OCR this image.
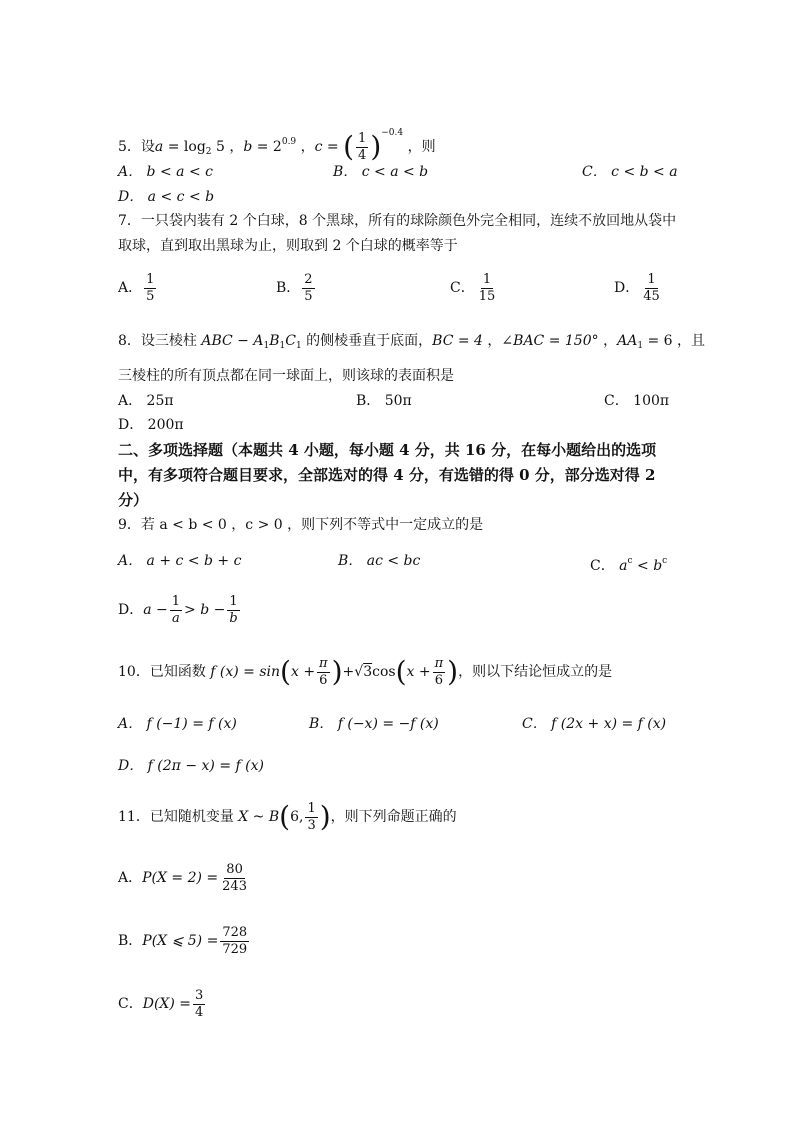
5．设$a = \log_2 5$ ，$b = 2^{0.9}$ ，c = ( $\frac{1}{4} )^{-0.4}$ ，则
A． b < a < c	B． c < a < b	C． c < b < a
D． a < c < b
7．一只袋内装有 2 个白球，8 个黑球，所有的球除颜色外完全相同，连续不放回地从袋中
取球，直到取出黑球为止，则取到 2 个白球的概率等于
A． $\frac{1}{5}$	B． $\frac{2}{5}$	C． $\frac{1}{15}$	D． $\frac{1}{45}$
8．设三棱柱 ABC − $A_1B_1C_1$ 的侧棱垂直于底面，BC = 4 ，∠BAC = 150° ，$AA_1 = 6$ ，且
三棱柱的所有顶点都在同一球面上，则该球的表面积是
A． 25π	B． 50π	C． 100π
D． 200π
二、多项选择题（本题共 4 小题，每小题 4 分，共 16 分，在每小题给出的选项
中，有多项符合题目要求，全部选对的得 4 分，有选错的得 0 分，部分选对得 2
分）
9．若 a < b < 0 ，c > 0 ，则下列不等式中一定成立的是
A． a + c < b + c	B． ac < bc	C． $a^c < b^c$
D．$a - \frac{1}{a} > b - \frac{1}{b}$
10．已知函数 f $(x) = \sin(x + \frac{\pi}{6} )+√3\cos(x + \frac{\pi}{6}$ )，则以下结论恒成立的是
A． f (−1) = f (x)	B． f (−x) = −f (x)	C． f (2x + x) = f (x)
D． f (2π − x) = f (x)
11．已知随机变量 X ~ B(6, $\frac{1}{3}$ )，则下列命题正确的
A．$P(X = 2) = \frac{80}{243}$
B．P(X ⩽ $5) = \frac{728}{729}$
C．$D(X) = \frac{3}{4}$
